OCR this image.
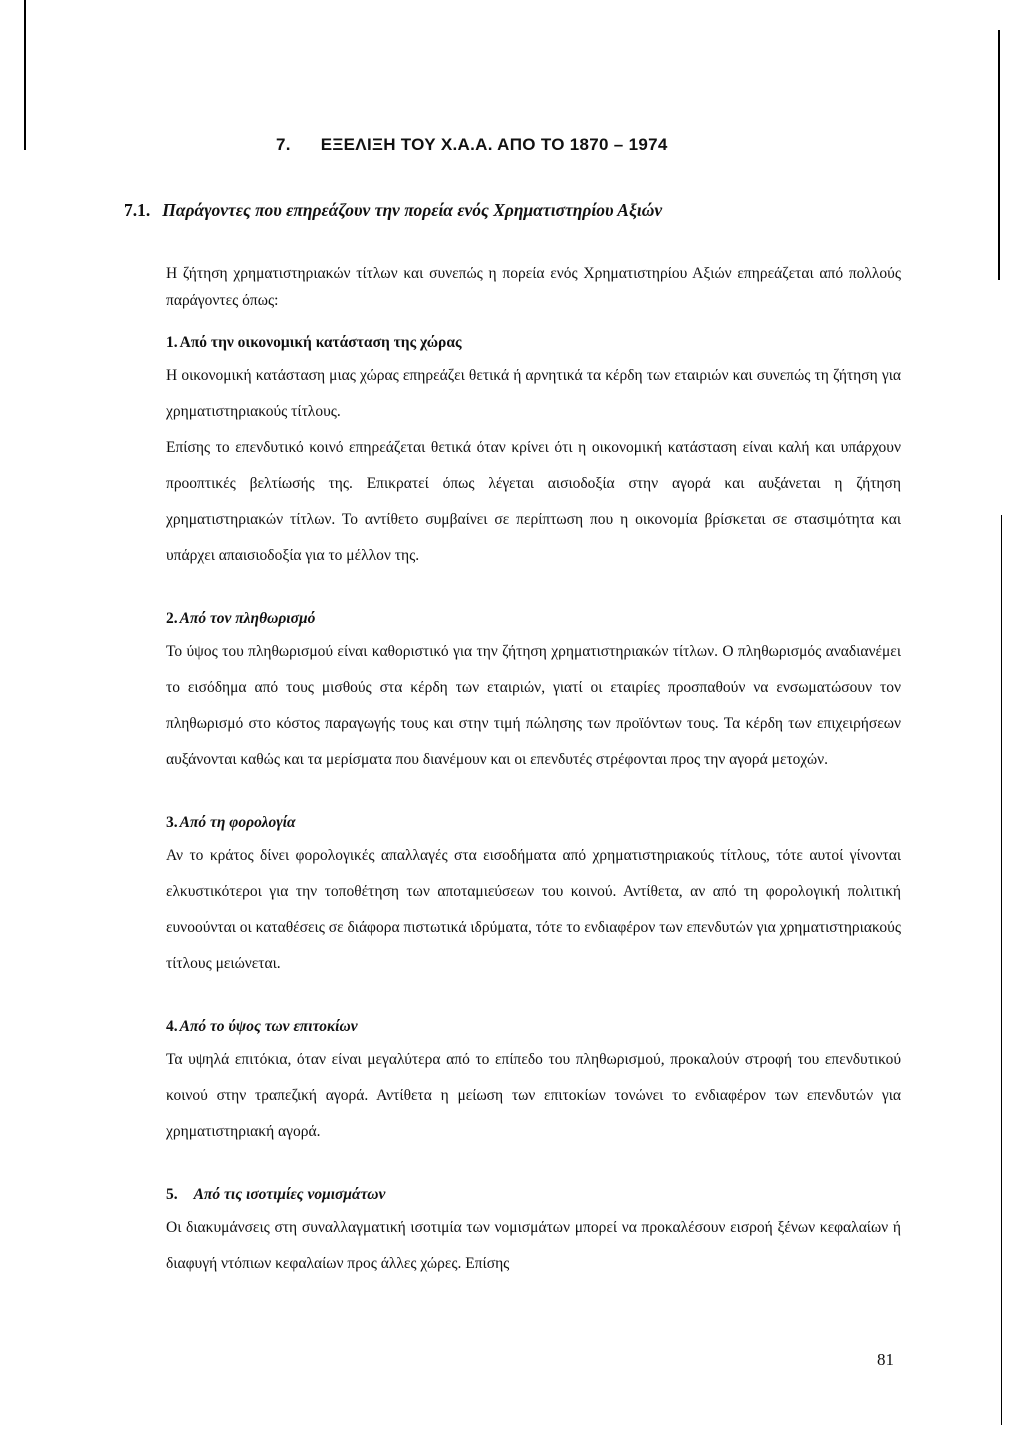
7. ΕΞΕΛΙΞΗ ΤΟΥ Χ.Α.Α. ΑΠΟ ΤΟ 1870 – 1974
7.1. Παράγοντες που επηρεάζουν την πορεία ενός Χρηματιστηρίου Αξιών

Η ζήτηση χρηματιστηριακών τίτλων και συνεπώς η πορεία ενός Χρηματιστηρίου Αξιών επηρεάζεται από πολλούς παράγοντες όπως:

1. Από την οικονομική κατάσταση της χώρας

Η οικονομική κατάσταση μιας χώρας επηρεάζει θετικά ή αρνητικά τα κέρδη των εταιριών και συνεπώς τη ζήτηση για χρηματιστηριακούς τίτλους.

Επίσης το επενδυτικό κοινό επηρεάζεται θετικά όταν κρίνει ότι η οικονομική κατάσταση είναι καλή και υπάρχουν προοπτικές βελτίωσής της. Επικρατεί όπως λέγεται αισιοδοξία στην αγορά και αυξάνεται η ζήτηση χρηματιστηριακών τίτλων. Το αντίθετο συμβαίνει σε περίπτωση που η οικονομία βρίσκεται σε στασιμότητα και υπάρχει απαισιοδοξία για το μέλλον της.

2. Από τον πληθωρισμό

Το ύψος του πληθωρισμού είναι καθοριστικό για την ζήτηση χρηματιστηριακών τίτλων. Ο πληθωρισμός αναδιανέμει το εισόδημα από τους μισθούς στα κέρδη των εταιριών, γιατί οι εταιρίες προσπαθούν να ενσωματώσουν τον πληθωρισμό στο κόστος παραγωγής τους και στην τιμή πώλησης των προϊόντων τους. Τα κέρδη των επιχειρήσεων αυξάνονται καθώς και τα μερίσματα που διανέμουν και οι επενδυτές στρέφονται προς την αγορά μετοχών.

3. Από τη φορολογία

Αν το κράτος δίνει φορολογικές απαλλαγές στα εισοδήματα από χρηματιστηριακούς τίτλους, τότε αυτοί γίνονται ελκυστικότεροι για την τοποθέτηση των αποταμιεύσεων του κοινού. Αντίθετα, αν από τη φορολογική πολιτική ευνοούνται οι καταθέσεις σε διάφορα πιστωτικά ιδρύματα, τότε το ενδιαφέρον των επενδυτών για χρηματιστηριακούς τίτλους μειώνεται.

4. Από το ύψος των επιτοκίων

Τα υψηλά επιτόκια, όταν είναι μεγαλύτερα από το επίπεδο του πληθωρισμού, προκαλούν στροφή του επενδυτικού κοινού στην τραπεζική αγορά. Αντίθετα η μείωση των επιτοκίων τονώνει το ενδιαφέρον των επενδυτών για χρηματιστηριακή αγορά.

5. Από τις ισοτιμίες νομισμάτων

Οι διακυμάνσεις στη συναλλαγματική ισοτιμία των νομισμάτων μπορεί να προκαλέσουν εισροή ξένων κεφαλαίων ή διαφυγή ντόπιων κεφαλαίων προς άλλες χώρες. Επίσης

81
